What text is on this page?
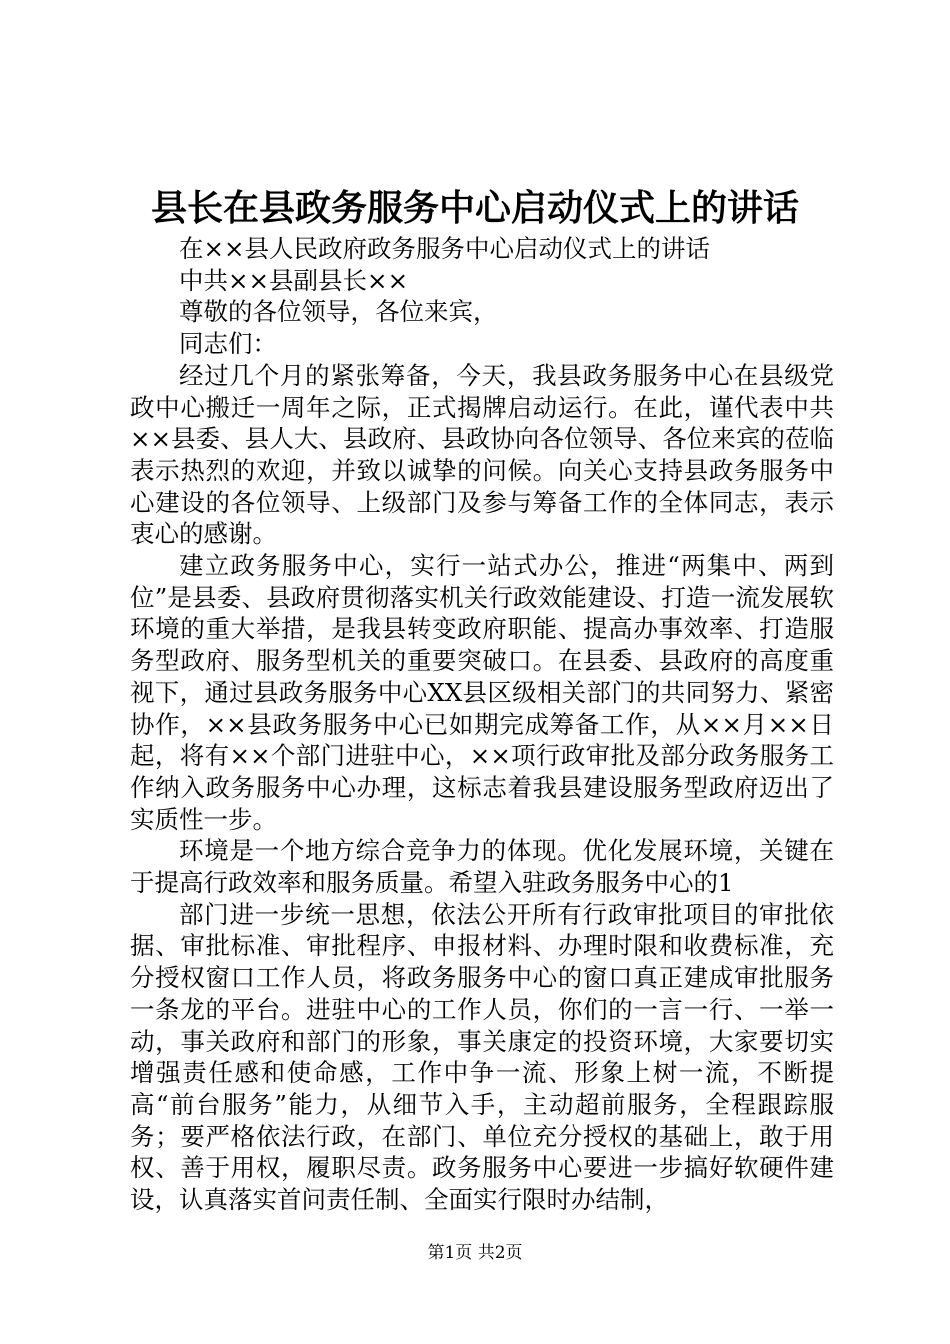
县长在县政务服务中心启动仪式上的讲话

在××县人民政府政务服务中心启动仪式上的讲话

中共××县副县长××

尊敬的各位领导，各位来宾，

同志们：

经过几个月的紧张筹备，今天，我县政务服务中心在县级党政中心搬迁一周年之际，正式揭牌启动运行。在此，谨代表中共××县委、县人大、县政府、县政协向各位领导、各位来宾的莅临表示热烈的欢迎，并致以诚挚的问候。向关心支持县政务服务中心建设的各位领导、上级部门及参与筹备工作的全体同志，表示衷心的感谢。

建立政务服务中心，实行一站式办公，推进“两集中、两到位”是县委、县政府贯彻落实机关行政效能建设、打造一流发展软环境的重大举措，是我县转变政府职能、提高办事效率、打造服务型政府、服务型机关的重要突破口。在县委、县政府的高度重视下，通过县政务服务中心XX县区级相关部门的共同努力、紧密协作，××县政务服务中心已如期完成筹备工作，从××月××日起，将有××个部门进驻中心，××项行政审批及部分政务服务工作纳入政务服务中心办理，这标志着我县建设服务型政府迈出了实质性一步。

环境是一个地方综合竞争力的体现。优化发展环境，关键在于提高行政效率和服务质量。希望入驻政务服务中心的1

部门进一步统一思想，依法公开所有行政审批项目的审批依据、审批标准、审批程序、申报材料、办理时限和收费标准，充分授权窗口工作人员，将政务服务中心的窗口真正建成审批服务一条龙的平台。进驻中心的工作人员，你们的一言一行、一举一动，事关政府和部门的形象，事关康定的投资环境，大家要切实增强责任感和使命感，工作中争一流、形象上树一流，不断提高“前台服务”能力，从细节入手，主动超前服务，全程跟踪服务；要严格依法行政，在部门、单位充分授权的基础上，敢于用权、善于用权，履职尽责。政务服务中心要进一步搞好软硬件建设，认真落实首问责任制、全面实行限时办结制，

第1页 共2页
